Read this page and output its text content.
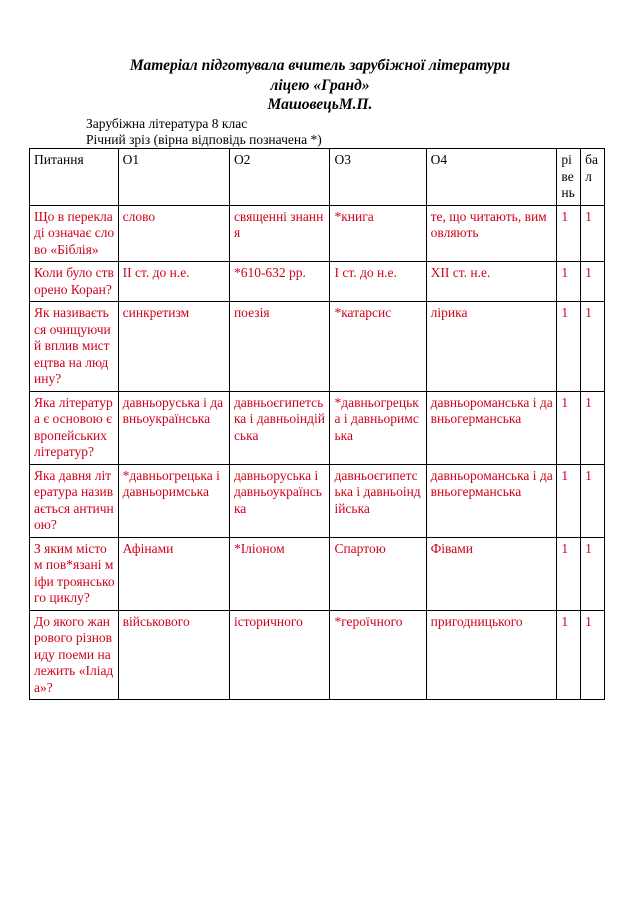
Матеріал підготувала вчитель зарубіжної літератури
ліцею «Гранд»
МашовецьМ.П.
Зарубіжна література 8 клас
Річний зріз (вірна відповідь позначена *)
Питання	О1	О2	О3	О4	рі ве нь	ба л
Що в перекладі означає слово «Біблія»	слово	священні знання	*книга	те, що читають, вимовляють	1	1
Коли було створено Коран?	II ст. до н.е.	*610-632 рр.	I ст. до н.е.	XII ст. н.е.	1	1
Як називається очищуючий вплив мистецтва на людину?	синкретизм	поезія	*катарсис	лірика	1	1
Яка література є основою європейських літератур?	давньоруська і давньоукраїнська	давньоєгипетська і давньоіндійська	*давньогрецька і давньоримська	давньороманська і давньогерманська	1	1
Яка давня література називається античною?	*давньогрецька і давньоримська	давньоруська і давньоукраїнська	давньоєгипетська і давньоіндійська	давньороманська і давньогерманська	1	1
З яким містом пов*язані міфи троянського циклу?	Афінами	*Іліоном	Спартою	Фівами	1	1
До якого жанрового різновиду поеми належить «Іліада»?	військового	історичного	*героїчного	пригодницького	1	1
